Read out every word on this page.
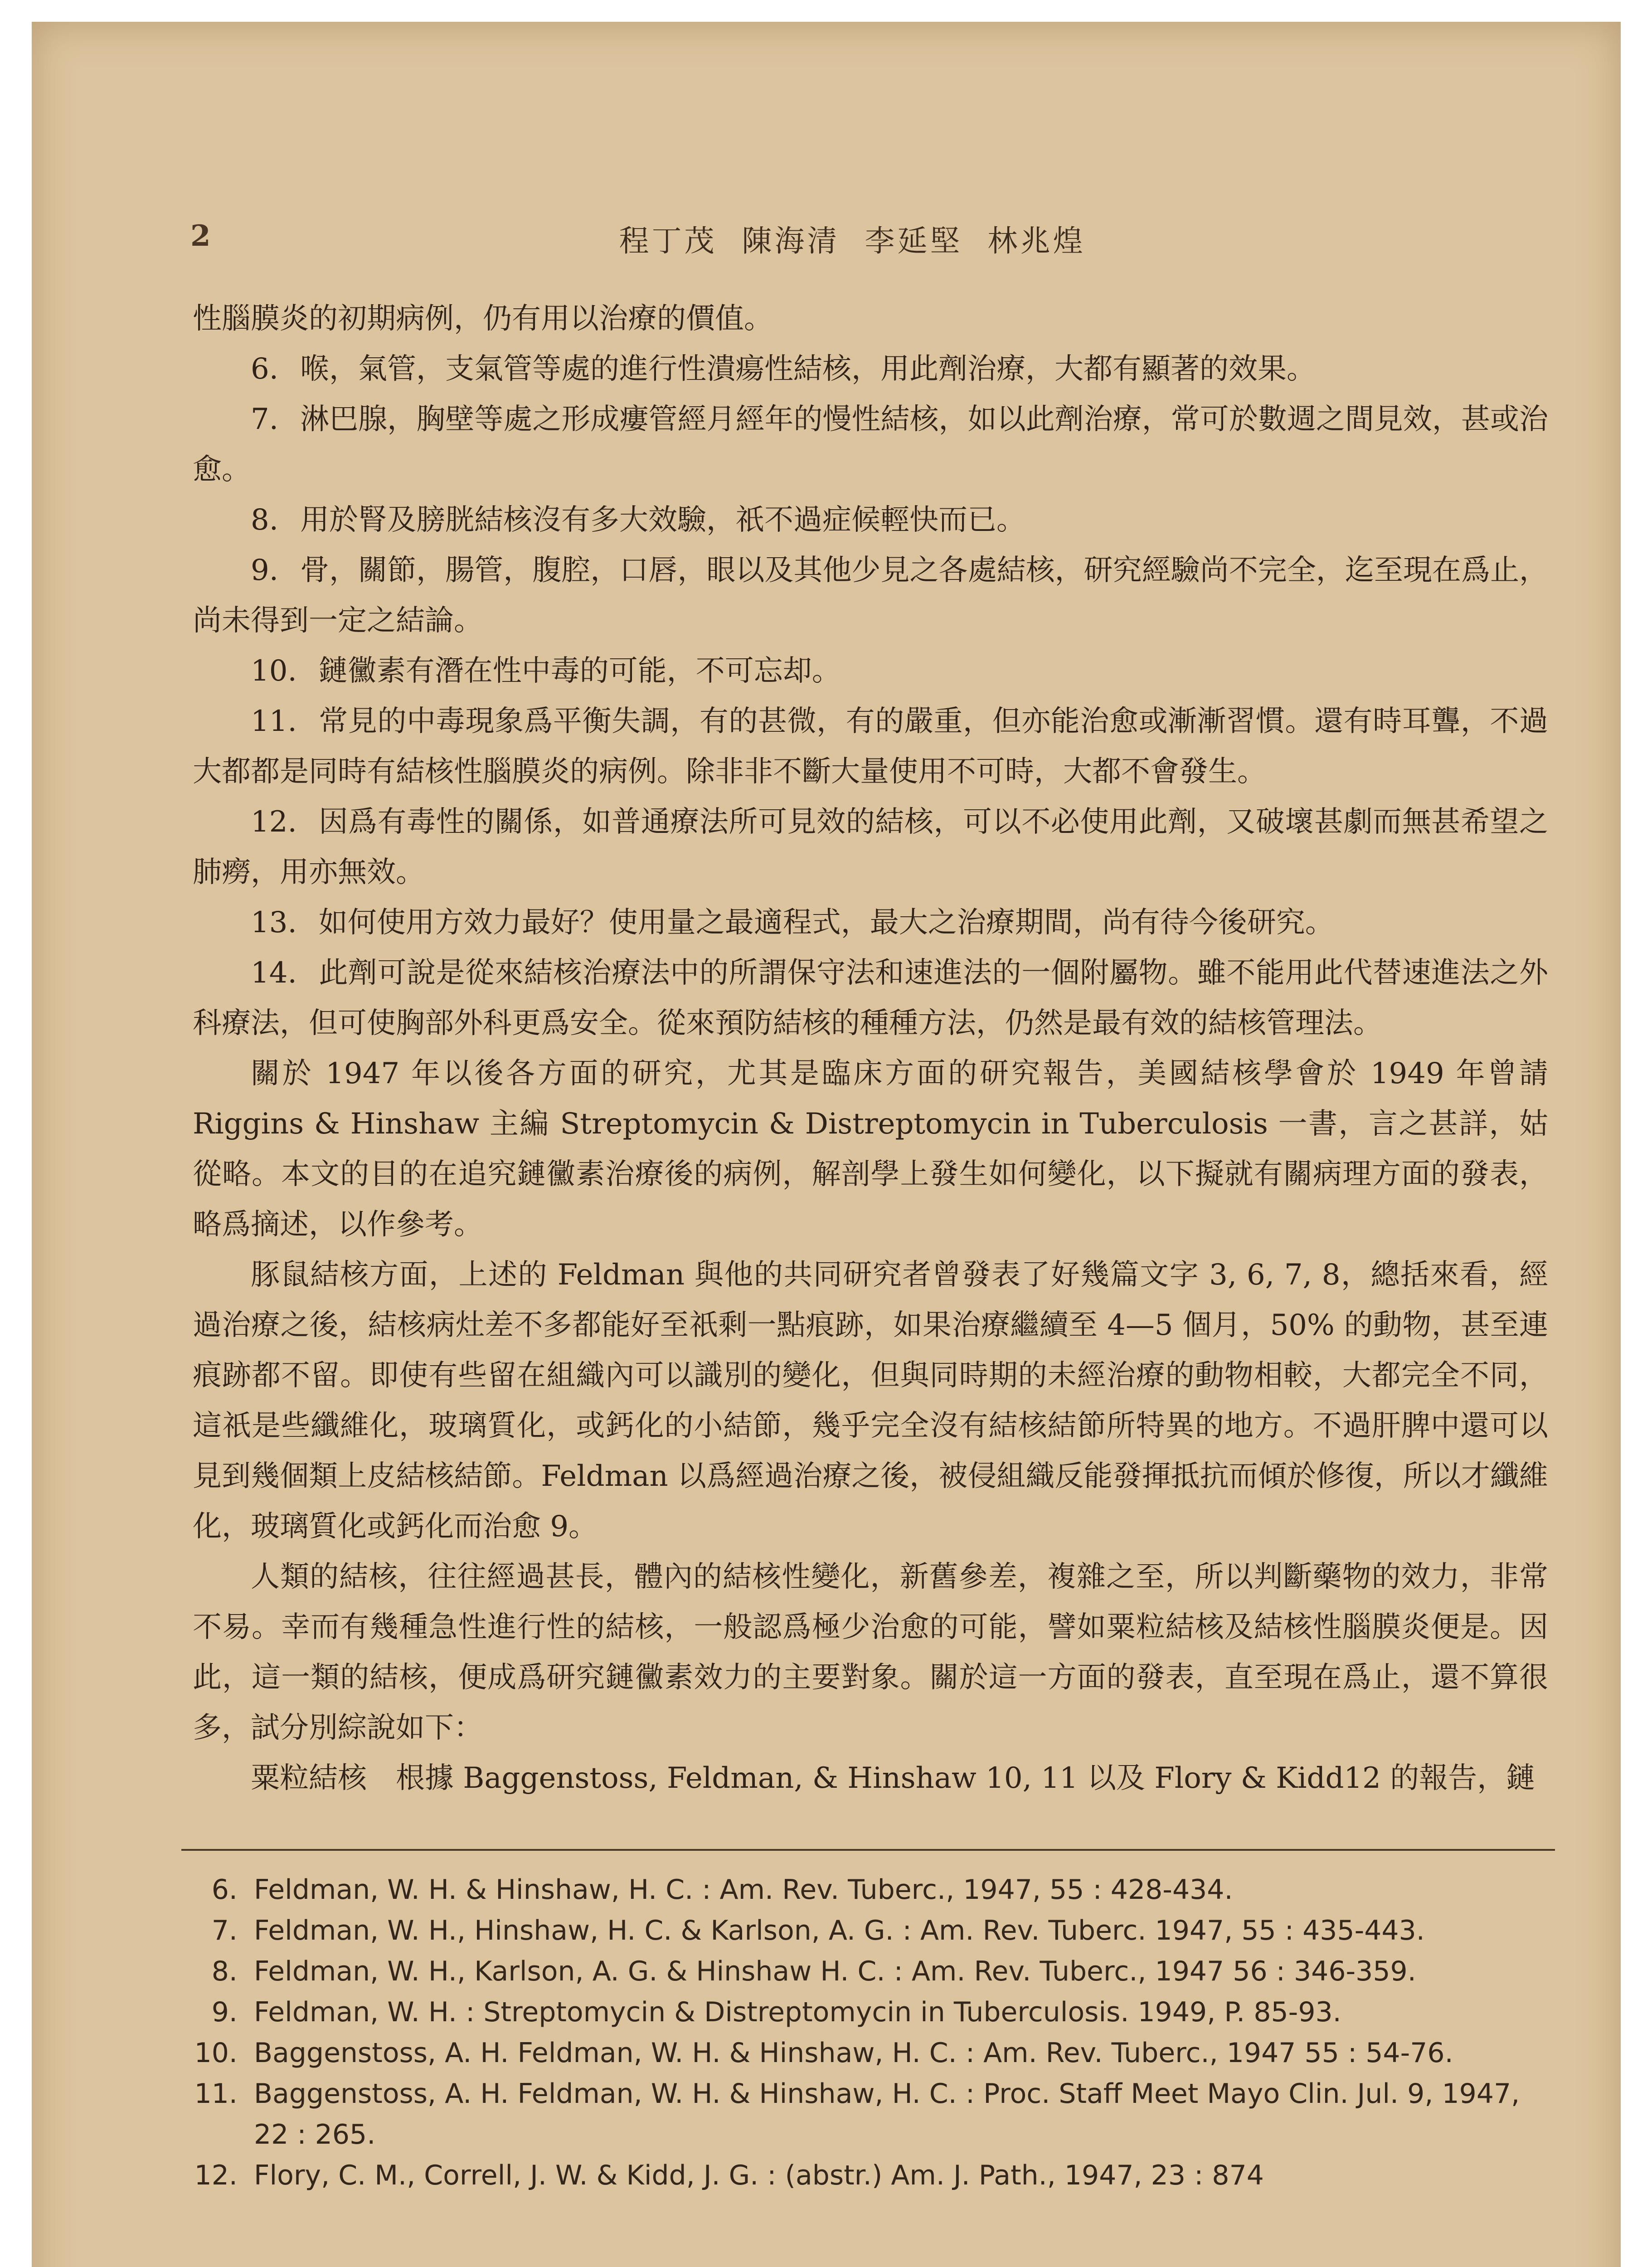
2	程丁茂 陳海清 李延堅 林兆煌

性腦膜炎的初期病例，仍有用以治療的價值。

6. 喉，氣管，支氣管等處的進行性潰瘍性結核，用此劑治療，大都有顯著的效果。

7. 淋巴腺，胸壁等處之形成瘻管經月經年的慢性結核，如以此劑治療，常可於數週之間見效，甚或治愈。

8. 用於腎及膀胱結核沒有多大效驗，祇不過症候輕快而已。

9. 骨，關節，腸管，腹腔，口唇，眼以及其他少見之各處結核，研究經驗尚不完全，迄至現在爲止，尚未得到一定之結論。

10. 鏈黴素有潛在性中毒的可能，不可忘却。

11. 常見的中毒現象爲平衡失調，有的甚微，有的嚴重，但亦能治愈或漸漸習慣。還有時耳聾，不過大都都是同時有結核性腦膜炎的病例。除非非不斷大量使用不可時，大都不會發生。

12. 因爲有毒性的關係，如普通療法所可見效的結核，可以不必使用此劑，又破壞甚劇而無甚希望之肺癆，用亦無效。

13. 如何使用方效力最好？使用量之最適程式，最大之治療期間，尚有待今後研究。

14. 此劑可說是從來結核治療法中的所謂保守法和速進法的一個附屬物。雖不能用此代替速進法之外科療法，但可使胸部外科更爲安全。從來預防結核的種種方法，仍然是最有效的結核管理法。

關於 1947 年以後各方面的研究，尤其是臨床方面的研究報告，美國結核學會於 1949 年曾請 Riggins & Hinshaw 主編 Streptomycin & Distreptomycin in Tuberculosis 一書，言之甚詳，姑從略。本文的目的在追究鏈黴素治療後的病例，解剖學上發生如何變化，以下擬就有關病理方面的發表，略爲摘述，以作參考。

豚鼠結核方面，上述的 Feldman 與他的共同研究者曾發表了好幾篇文字 3, 6, 7, 8，總括來看，經過治療之後，結核病灶差不多都能好至祇剩一點痕跡，如果治療繼續至 4—5 個月，50% 的動物，甚至連痕跡都不留。即使有些留在組織內可以識別的變化，但與同時期的未經治療的動物相較，大都完全不同，這祇是些纖維化，玻璃質化，或鈣化的小結節，幾乎完全沒有結核結節所特異的地方。不過肝脾中還可以見到幾個類上皮結核結節。Feldman 以爲經過治療之後，被侵組織反能發揮抵抗而傾於修復，所以才纖維化，玻璃質化或鈣化而治愈 9。

人類的結核，往往經過甚長，體內的結核性變化，新舊參差，複雜之至，所以判斷藥物的效力，非常不易。幸而有幾種急性進行性的結核，一般認爲極少治愈的可能，譬如粟粒結核及結核性腦膜炎便是。因此，這一類的結核，便成爲研究鏈黴素效力的主要對象。關於這一方面的發表，直至現在爲止，還不算很多，試分別綜說如下：

粟粒結核　根據 Baggenstoss, Feldman, & Hinshaw 10, 11 以及 Flory & Kidd12 的報告，鏈

6. Feldman, W. H. & Hinshaw, H. C. : Am. Rev. Tuberc., 1947, 55 : 428-434.
7. Feldman, W. H., Hinshaw, H. C. & Karlson, A. G. : Am. Rev. Tuberc. 1947, 55 : 435-443.
8. Feldman, W. H., Karlson, A. G. & Hinshaw H. C. : Am. Rev. Tuberc., 1947 56 : 346-359.
9. Feldman, W. H. : Streptomycin & Distreptomycin in Tuberculosis. 1949, P. 85-93.
10. Baggenstoss, A. H. Feldman, W. H. & Hinshaw, H. C. : Am. Rev. Tuberc., 1947 55 : 54-76.
11. Baggenstoss, A. H. Feldman, W. H. & Hinshaw, H. C. : Proc. Staff Meet Mayo Clin. Jul. 9, 1947, 22 : 265.
12. Flory, C. M., Correll, J. W. & Kidd, J. G. : (abstr.) Am. J. Path., 1947, 23 : 874
